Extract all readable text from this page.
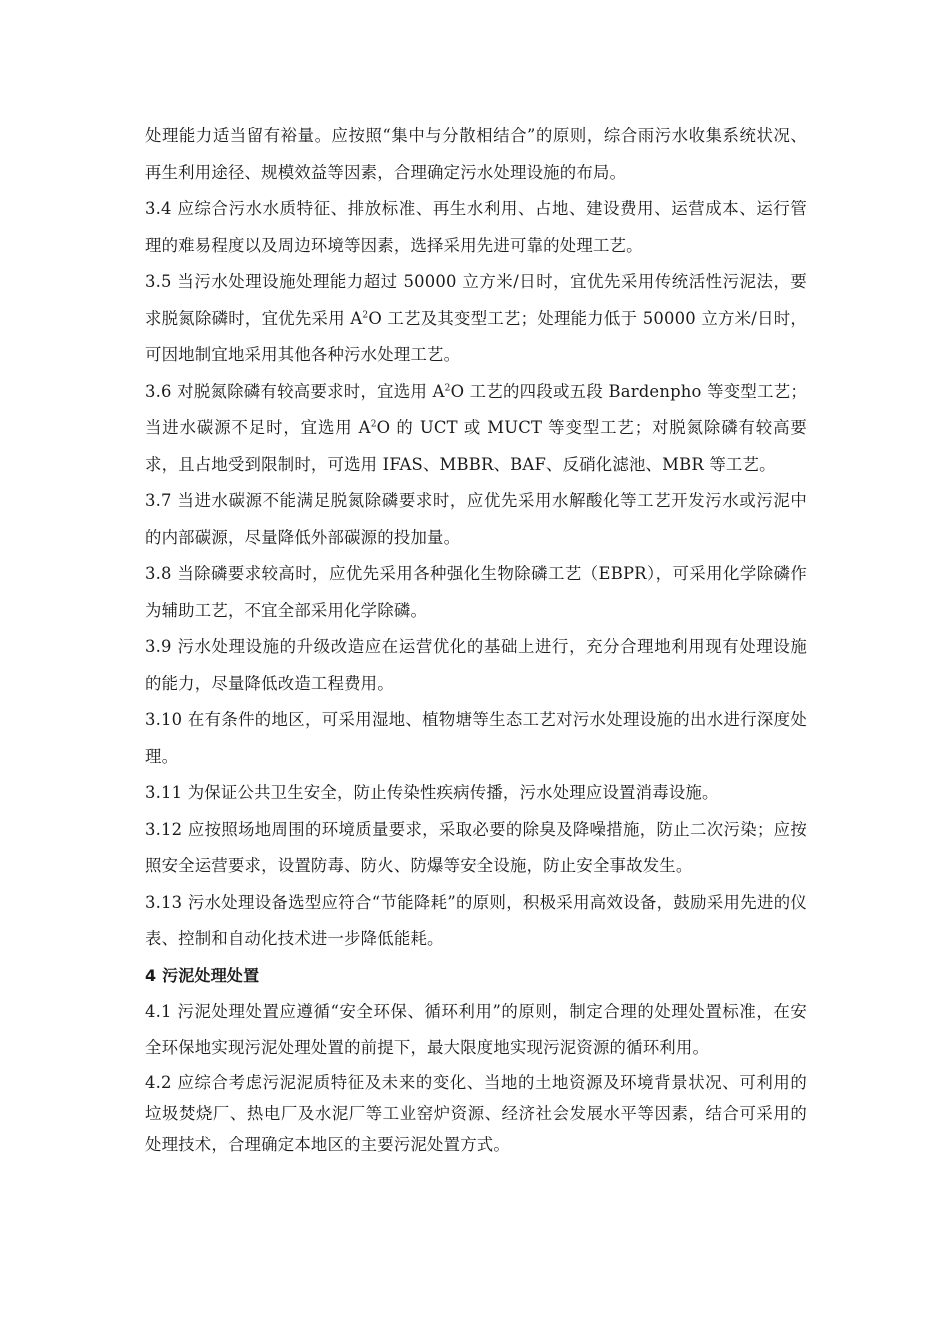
处理能力适当留有裕量。应按照“集中与分散相结合”的原则，综合雨污水收集系统状况、再生利用途径、规模效益等因素，合理确定污水处理设施的布局。

3.4 应综合污水水质特征、排放标准、再生水利用、占地、建设费用、运营成本、运行管理的难易程度以及周边环境等因素，选择采用先进可靠的处理工艺。

3.5 当污水处理设施处理能力超过 50000 立方米/日时，宜优先采用传统活性污泥法，要求脱氮除磷时，宜优先采用 $A^2O$ 工艺及其变型工艺；处理能力低于 50000 立方米/日时，可因地制宜地采用其他各种污水处理工艺。

3.6 对脱氮除磷有较高要求时，宜选用 $A^2O$ 工艺的四段或五段 Bardenpho 等变型工艺；当进水碳源不足时，宜选用 $A^2O$ 的 UCT 或 MUCT 等变型工艺；对脱氮除磷有较高要求，且占地受到限制时，可选用 IFAS、MBBR、BAF、反硝化滤池、MBR 等工艺。

3.7 当进水碳源不能满足脱氮除磷要求时，应优先采用水解酸化等工艺开发污水或污泥中的内部碳源，尽量降低外部碳源的投加量。

3.8 当除磷要求较高时，应优先采用各种强化生物除磷工艺（EBPR），可采用化学除磷作为辅助工艺，不宜全部采用化学除磷。

3.9 污水处理设施的升级改造应在运营优化的基础上进行，充分合理地利用现有处理设施的能力，尽量降低改造工程费用。

3.10 在有条件的地区，可采用湿地、植物塘等生态工艺对污水处理设施的出水进行深度处理。

3.11 为保证公共卫生安全，防止传染性疾病传播，污水处理应设置消毒设施。

3.12 应按照场地周围的环境质量要求，采取必要的除臭及降噪措施，防止二次污染；应按照安全运营要求，设置防毒、防火、防爆等安全设施，防止安全事故发生。

3.13 污水处理设备选型应符合“节能降耗”的原则，积极采用高效设备，鼓励采用先进的仪表、控制和自动化技术进一步降低能耗。

4 污泥处理处置

4.1 污泥处理处置应遵循“安全环保、循环利用”的原则，制定合理的处理处置标准，在安全环保地实现污泥处理处置的前提下，最大限度地实现污泥资源的循环利用。

4.2 应综合考虑污泥泥质特征及未来的变化、当地的土地资源及环境背景状况、可利用的垃圾焚烧厂、热电厂及水泥厂等工业窑炉资源、经济社会发展水平等因素，结合可采用的处理技术，合理确定本地区的主要污泥处置方式。
